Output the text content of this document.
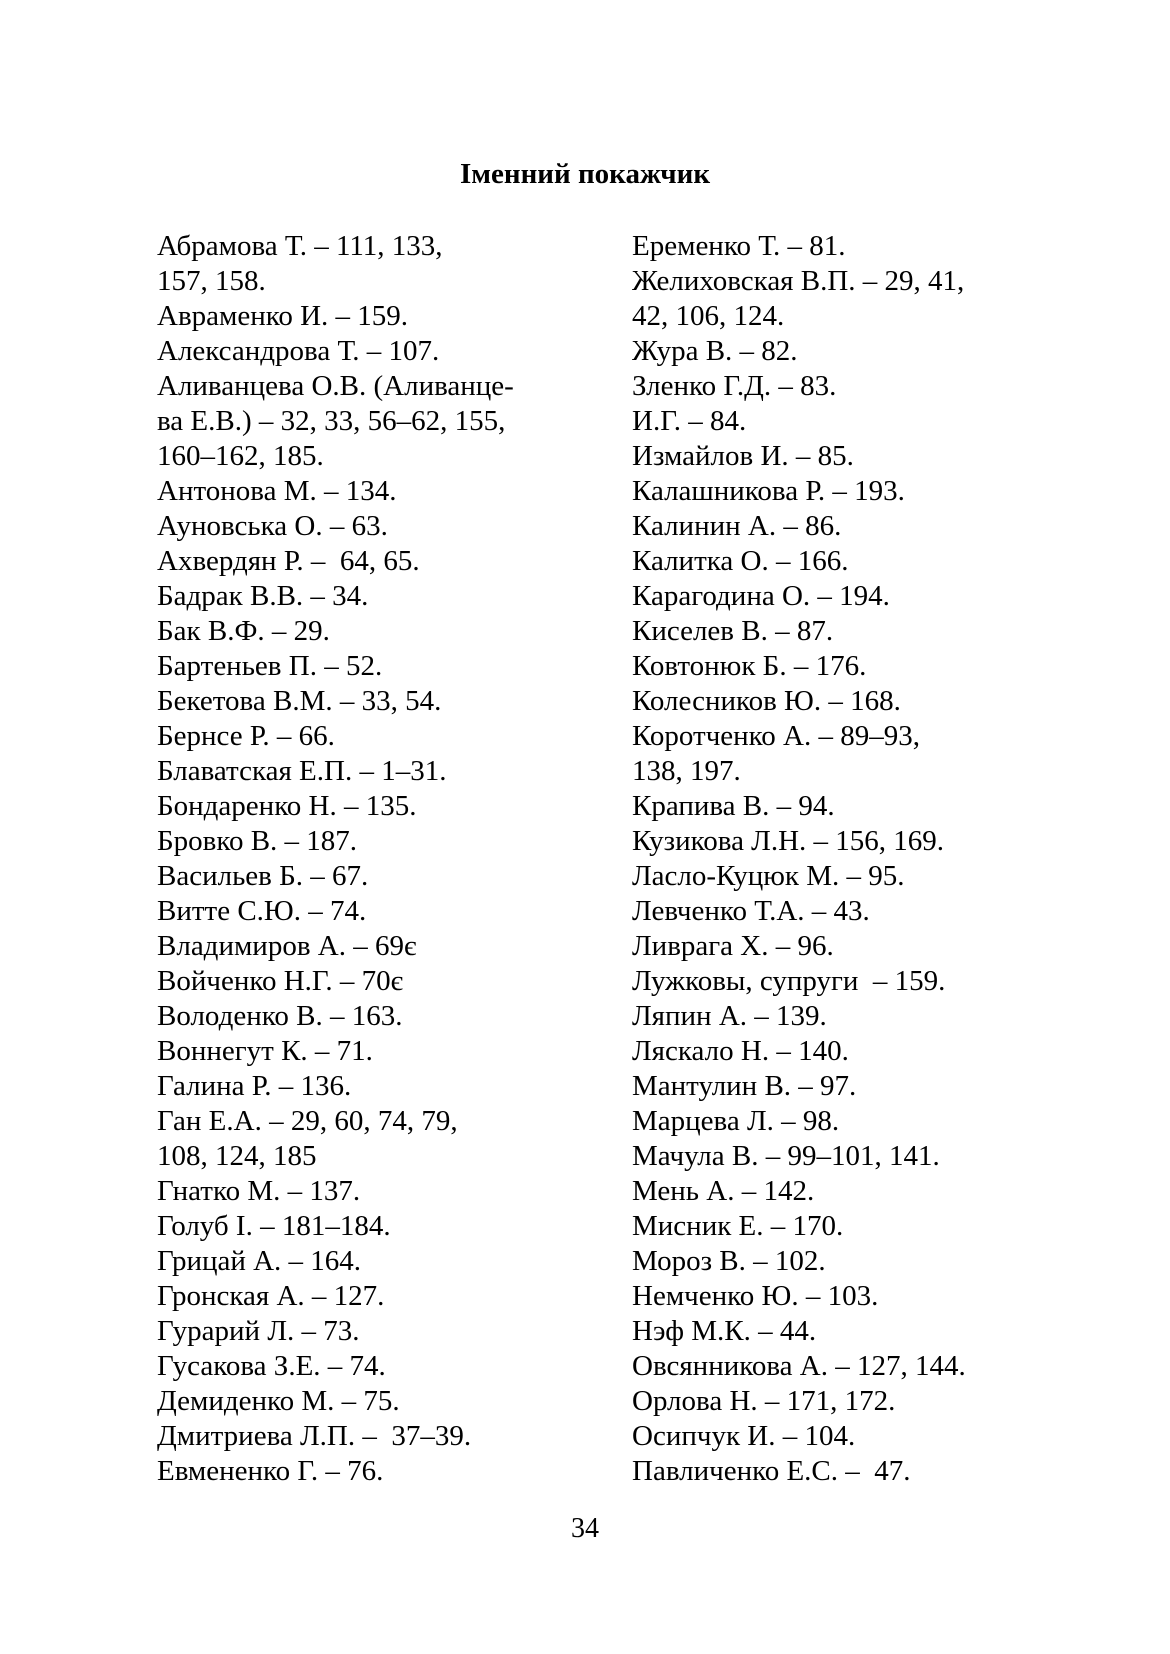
Іменний покажчик
Абрамова Т. – 111, 133,
157, 158.
Авраменко И. – 159.
Александрова Т. – 107.
Аливанцева О.В. (Аливанце-
ва Е.В.) – 32, 33, 56–62, 155,
160–162, 185.
Антонова М. – 134.
Ауновська О. – 63.
Ахвердян Р. –  64, 65.
Бадрак В.В. – 34.
Бак В.Ф. – 29.
Бартеньев П. – 52.
Бекетова В.М. – 33, 54.
Бернсе Р. – 66.
Блаватская Е.П. – 1–31.
Бондаренко Н. – 135.
Бровко В. – 187.
Васильев Б. – 67.
Витте С.Ю. – 74.
Владимиров А. – 69є
Войченко Н.Г. – 70є
Володенко В. – 163.
Воннегут К. – 71.
Галина Р. – 136.
Ган Е.А. – 29, 60, 74, 79,
108, 124, 185
Гнатко М. – 137.
Голуб І. – 181–184.
Грицай А. – 164.
Гронская А. – 127.
Гурарий Л. – 73.
Гусакова З.Е. – 74.
Демиденко М. – 75.
Дмитриева Л.П. –  37–39.
Евмененко Г. – 76.
Еременко Т. – 81.
Желиховская В.П. – 29, 41,
42, 106, 124.
Жура В. – 82.
Зленко Г.Д. – 83.
И.Г. – 84.
Измайлов И. – 85.
Калашникова Р. – 193.
Калинин А. – 86.
Калитка О. – 166.
Карагодина О. – 194.
Киселев В. – 87.
Ковтонюк Б. – 176.
Колесников Ю. – 168.
Коротченко А. – 89–93,
138, 197.
Крапива В. – 94.
Кузикова Л.Н. – 156, 169.
Ласло-Куцюк М. – 95.
Левченко Т.А. – 43.
Ливрага Х. – 96.
Лужковы, супруги  – 159.
Ляпин А. – 139.
Ляскало Н. – 140.
Мантулин В. – 97.
Марцева Л. – 98.
Мачула В. – 99–101, 141.
Мень А. – 142.
Мисник Е. – 170.
Мороз В. – 102.
Немченко Ю. – 103.
Нэф М.К. – 44.
Овсянникова А. – 127, 144.
Орлова Н. – 171, 172.
Осипчук И. – 104.
Павличенко Е.С. –  47.
34
